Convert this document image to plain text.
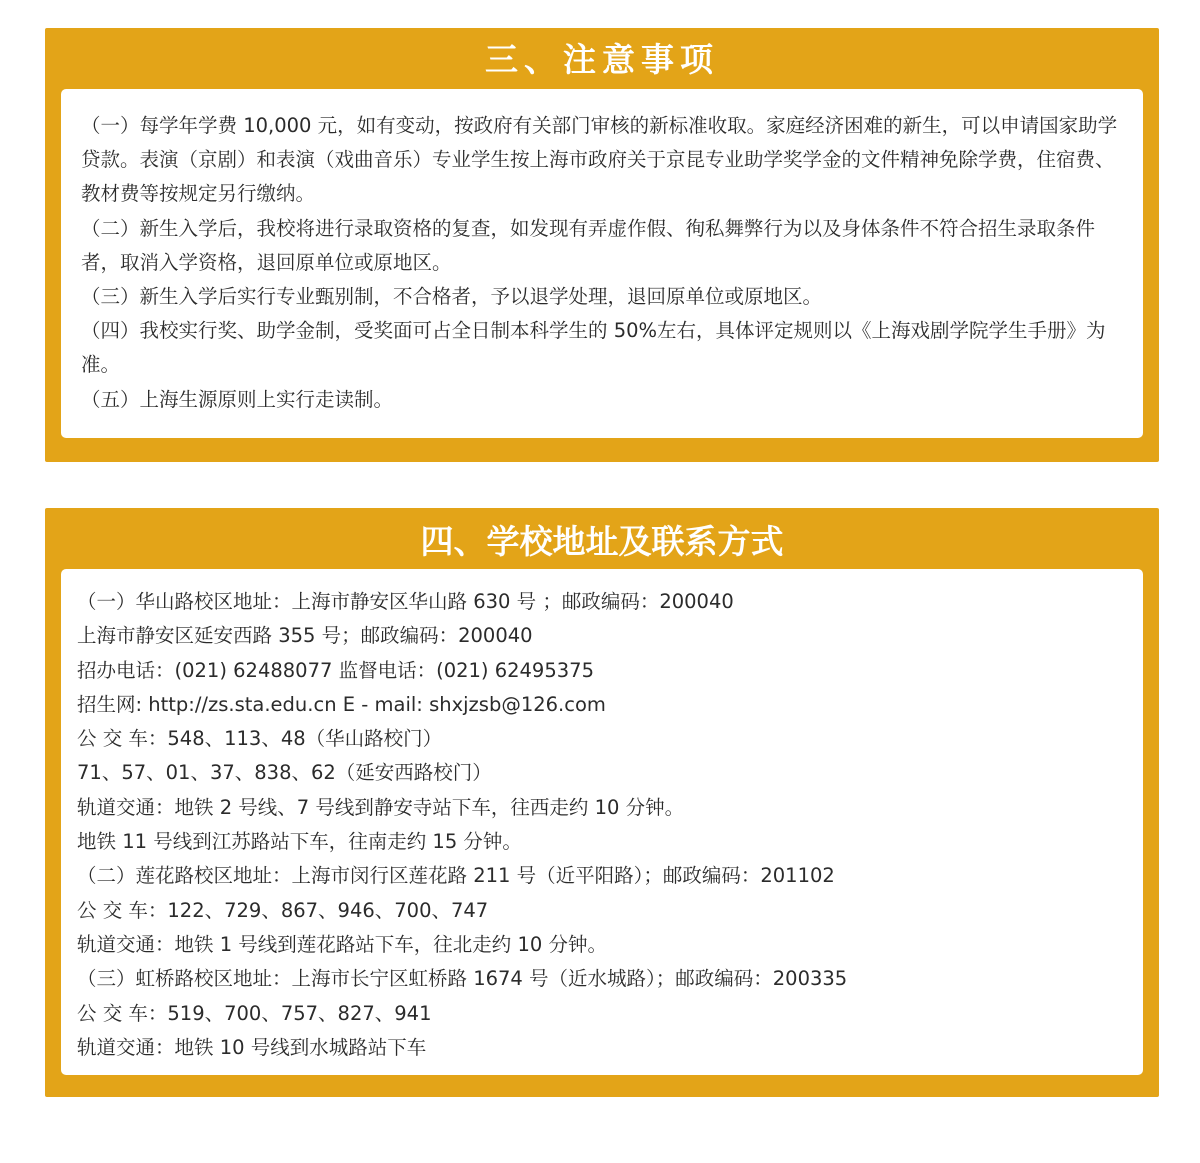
三、注意事项

（一）每学年学费 10,000 元，如有变动，按政府有关部门审核的新标准收取。家庭经济困难的新生，可以申请国家助学贷款。表演（京剧）和表演（戏曲音乐）专业学生按上海市政府关于京昆专业助学奖学金的文件精神免除学费，住宿费、教材费等按规定另行缴纳。

（二）新生入学后，我校将进行录取资格的复查，如发现有弄虚作假、徇私舞弊行为以及身体条件不符合招生录取条件者，取消入学资格，退回原单位或原地区。

（三）新生入学后实行专业甄别制，不合格者，予以退学处理，退回原单位或原地区。

（四）我校实行奖、助学金制，受奖面可占全日制本科学生的 50%左右，具体评定规则以《上海戏剧学院学生手册》为准。

（五）上海生源原则上实行走读制。

四、学校地址及联系方式

（一）华山路校区地址：上海市静安区华山路 630 号 ；邮政编码：200040

上海市静安区延安西路 355 号；邮政编码：200040

招办电话：(021) 62488077 监督电话：(021) 62495375

招生网: http://zs.sta.edu.cn E - mail: shxjzsb@126.com

公 交 车：548、113、48（华山路校门）

71、57、01、37、838、62（延安西路校门）

轨道交通：地铁 2 号线、7 号线到静安寺站下车，往西走约 10 分钟。

地铁 11 号线到江苏路站下车，往南走约 15 分钟。

（二）莲花路校区地址：上海市闵行区莲花路 211 号（近平阳路）；邮政编码：201102

公 交 车：122、729、867、946、700、747

轨道交通：地铁 1 号线到莲花路站下车，往北走约 10 分钟。

（三）虹桥路校区地址：上海市长宁区虹桥路 1674 号（近水城路）；邮政编码：200335

公 交 车：519、700、757、827、941

轨道交通：地铁 10 号线到水城路站下车
